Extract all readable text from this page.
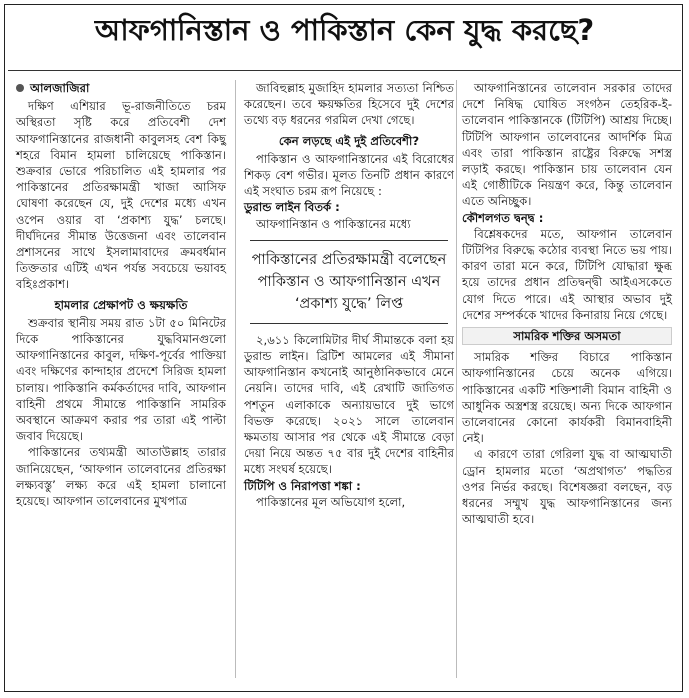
আফগানিস্তান ও পাকিস্তান কেন যুদ্ধ করছে?
আলজাজিরা

দক্ষিণ এশিয়ার ভূ-রাজনীতিতে চরম অস্থিরতা সৃষ্টি করে প্রতিবেশী দেশ আফগানিস্তানের রাজধানী কাবুলসহ বেশ কিছু শহরে বিমান হামলা চালিয়েছে পাকিস্তান। শুক্রবার ভোরে পরিচালিত এই হামলার পর পাকিস্তানের প্রতিরক্ষামন্ত্রী খাজা আসিফ ঘোষণা করেছেন যে, দুই দেশের মধ্যে এখন ওপেন ওয়ার বা ‘প্রকাশ্য যুদ্ধ’ চলছে। দীর্ঘদিনের সীমান্ত উত্তেজনা এবং তালেবান প্রশাসনের সাথে ইসলামাবাদের ক্রমবর্ধমান তিক্ততার এটিই এখন পর্যন্ত সবচেয়ে ভয়াবহ বহিঃপ্রকাশ।

হামলার প্রেক্ষাপট ও ক্ষয়ক্ষতি

শুক্রবার স্থানীয় সময় রাত ১টা ৫০ মিনিটের দিকে পাকিস্তানের যুদ্ধবিমানগুলো আফগানিস্তানের কাবুল, দক্ষিণ-পূর্বের পাক্তিয়া এবং দক্ষিণের কান্দাহার প্রদেশে সিরিজ হামলা চালায়। পাকিস্তানি কর্মকর্তাদের দাবি, আফগান বাহিনী প্রথমে সীমান্তে পাকিস্তানি সামরিক অবস্থানে আক্রমণ করার পর তারা এই পাল্টা জবাব দিয়েছে।

পাকিস্তানের তথ্যমন্ত্রী আতাউল্লাহ তারার জানিয়েছেন, ‘আফগান তালেবানের প্রতিরক্ষা লক্ষ্যবস্তু’ লক্ষ্য করে এই হামলা চালানো হয়েছে। আফগান তালেবানের মুখপাত্র

জাবিহুল্লাহ মুজাহিদ হামলার সত্যতা নিশ্চিত করেছেন। তবে ক্ষয়ক্ষতির হিসেবে দুই দেশের তথ্যে বড় ধরনের গরমিল দেখা গেছে।

কেন লড়ছে এই দুই প্রতিবেশী?

পাকিস্তান ও আফগানিস্তানের এই বিরোধের শিকড় বেশ গভীর। মূলত তিনটি প্রধান কারণে এই সংঘাত চরম রূপ নিয়েছে :

ডুরান্ড লাইন বিতর্ক :

আফগানিস্তান ও পাকিস্তানের মধ্যে

পাকিস্তানের প্রতিরক্ষামন্ত্রী বলেছেন পাকিস্তান ও আফগানিস্তান এখন ‘প্রকাশ্য যুদ্ধে’ লিপ্ত

২,৬১১ কিলোমিটার দীর্ঘ সীমান্তকে বলা হয় ডুরান্ড লাইন। ব্রিটিশ আমলের এই সীমানা আফগানিস্তান কখনোই আনুষ্ঠানিকভাবে মেনে নেয়নি। তাদের দাবি, এই রেখাটি জাতিগত পশতুন এলাকাকে অন্যায়ভাবে দুই ভাগে বিভক্ত করেছে। ২০২১ সালে তালেবান ক্ষমতায় আসার পর থেকে এই সীমান্তে বেড়া দেয়া নিয়ে অন্তত ৭৫ বার দুই দেশের বাহিনীর মধ্যে সংঘর্ষ হয়েছে।

টিটিপি ও নিরাপত্তা শঙ্কা :

পাকিস্তানের মূল অভিযোগ হলো,

আফগানিস্তানের তালেবান সরকার তাদের দেশে নিষিদ্ধ ঘোষিত সংগঠন তেহরিক-ই-তালেবান পাকিস্তানকে (টিটিপি) আশ্রয় দিচ্ছে। টিটিপি আফগান তালেবানের আদর্শিক মিত্র এবং তারা পাকিস্তান রাষ্ট্রের বিরুদ্ধে সশস্ত্র লড়াই করছে। পাকিস্তান চায় তালেবান যেন এই গোষ্ঠীটিকে নিয়ন্ত্রণ করে, কিন্তু তালেবান এতে অনিচ্ছুক।

কৌশলগত দ্বন্দ্ব :

বিশ্লেষকদের মতে, আফগান তালেবান টিটিপির বিরুদ্ধে কঠোর ব্যবস্থা নিতে ভয় পায়। কারণ তারা মনে করে, টিটিপি যোদ্ধারা ক্ষুব্ধ হয়ে তাদের প্রধান প্রতিদ্বন্দ্বী আইএসকেতে যোগ দিতে পারে। এই আস্থার অভাব দুই দেশের সম্পর্ককে খাদের কিনারায় নিয়ে গেছে।

সামরিক শক্তির অসমতা

সামরিক শক্তির বিচারে পাকিস্তান আফগানিস্তানের চেয়ে অনেক এগিয়ে। পাকিস্তানের একটি শক্তিশালী বিমান বাহিনী ও আধুনিক অস্ত্রশস্ত্র রয়েছে। অন্য দিকে আফগান তালেবানের কোনো কার্যকরী বিমানবাহিনী নেই।

এ কারণে তারা গেরিলা যুদ্ধ বা আত্মঘাতী ড্রোন হামলার মতো ‘অপ্রথাগত’ পদ্ধতির ওপর নির্ভর করছে। বিশেষজ্ঞরা বলছেন, বড় ধরনের সম্মুখ যুদ্ধ আফগানিস্তানের জন্য আত্মঘাতী হবে।
